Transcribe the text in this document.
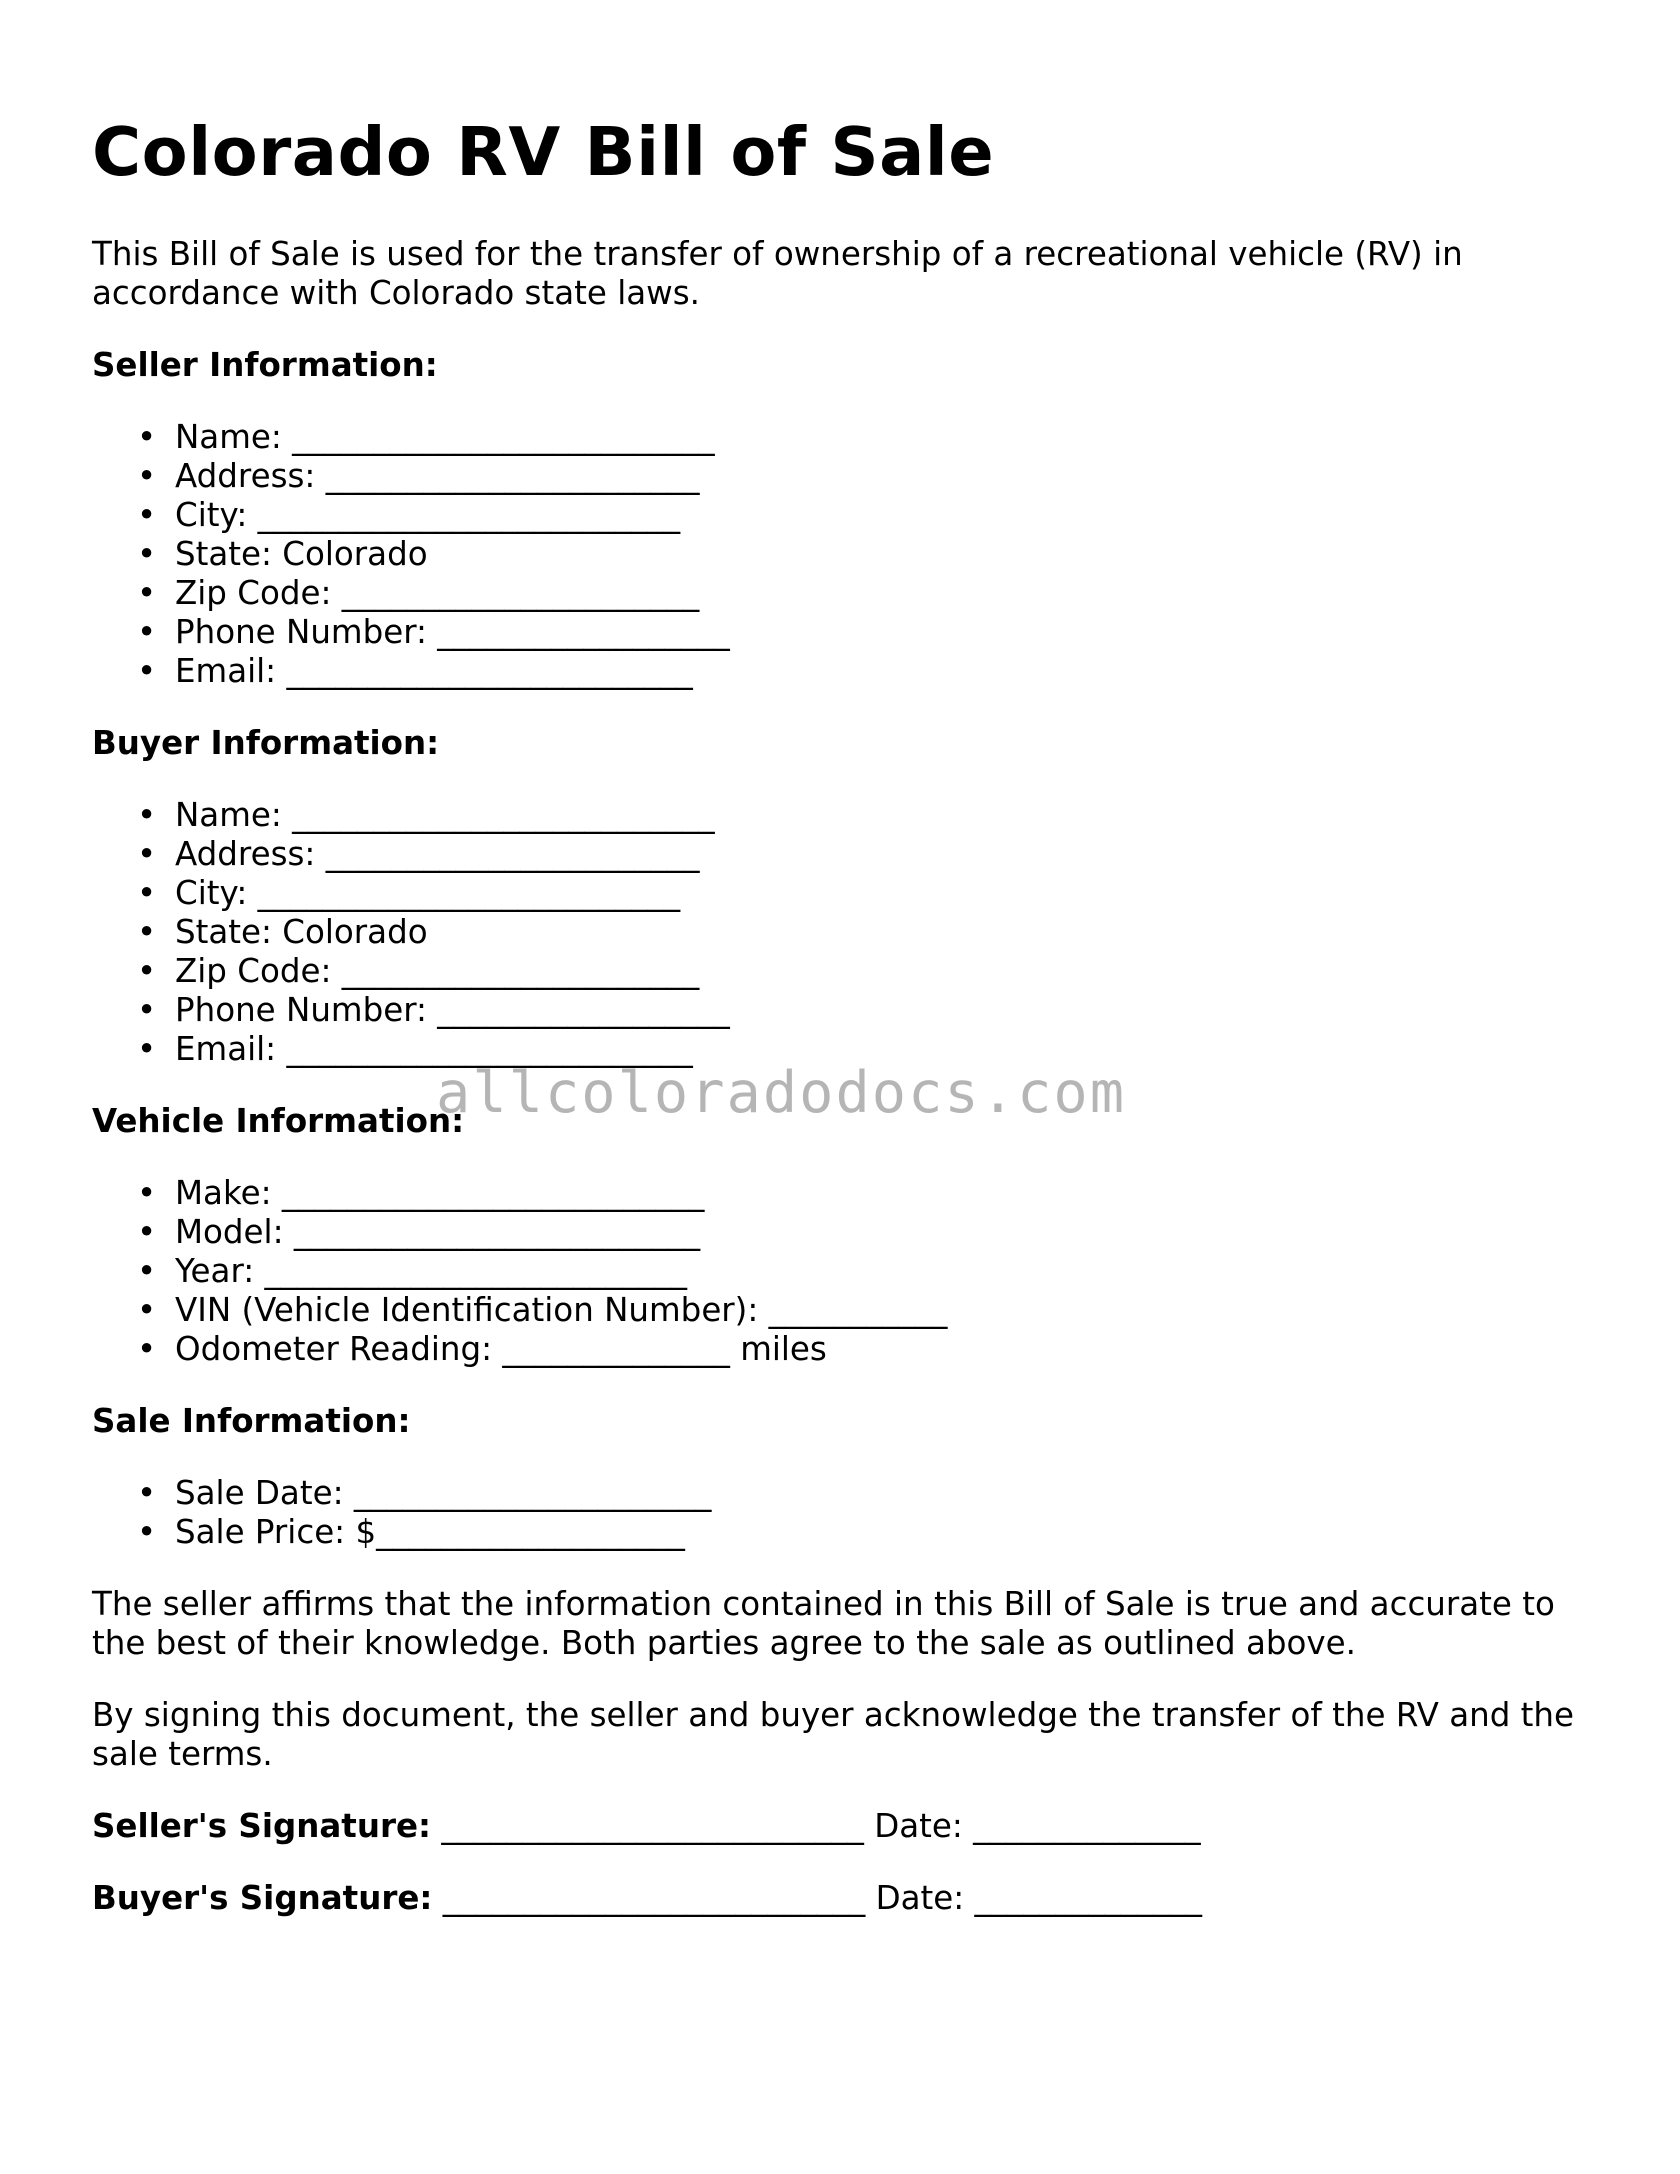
Colorado RV Bill of Sale

This Bill of Sale is used for the transfer of ownership of a recreational vehicle (RV) in accordance with Colorado state laws.

Seller Information:
• Name: __________________________
• Address: _______________________
• City: __________________________
• State: Colorado
• Zip Code: ______________________
• Phone Number: __________________
• Email: _________________________
Buyer Information:
• Name: __________________________
• Address: _______________________
• City: __________________________
• State: Colorado
• Zip Code: ______________________
• Phone Number: __________________
• Email: _________________________
Vehicle Information:
• Make: __________________________
• Model: _________________________
• Year: __________________________
• VIN (Vehicle Identification Number): ___________
• Odometer Reading: ______________ miles
Sale Information:
• Sale Date: ______________________
• Sale Price: $___________________

The seller affirms that the information contained in this Bill of Sale is true and accurate to the best of their knowledge. Both parties agree to the sale as outlined above.

By signing this document, the seller and buyer acknowledge the transfer of the RV and the sale terms.

Seller's Signature: __________________________ Date: ______________
Buyer's Signature: __________________________ Date: ______________
allcoloradodocs.com
